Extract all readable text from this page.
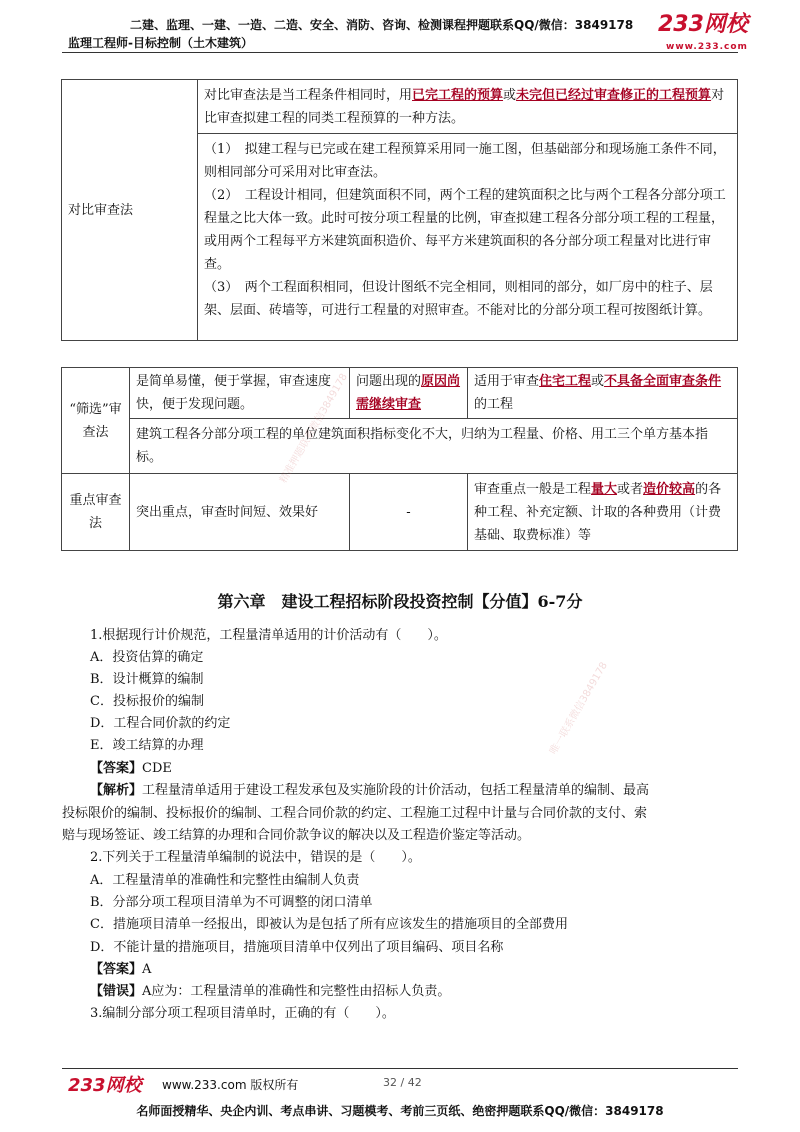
二建、监理、一建、一造、二造、安全、消防、咨询、检测课程押题联系QQ/微信：3849178
监理工程师-目标控制（土木建筑）
233网校
www.233.com
对比审查法	对比审查法是当工程条件相同时，用已完工程的预算或未完但已经过审查修正的工程预算对比审查拟建工程的同类工程预算的一种方法。

（1）　拟建工程与已完或在建工程预算采用同一施工图，但基础部分和现场施工条件不同，则相同部分可采用对比审查法。
（2）　工程设计相同，但建筑面积不同，两个工程的建筑面积之比与两个工程各分部分项工程量之比大体一致。此时可按分项工程量的比例，审查拟建工程各分部分项工程的工程量，或用两个工程每平方米建筑面积造价、每平方米建筑面积的各分部分项工程量对比进行审查。
（3）　两个工程面积相同，但设计图纸不完全相同，则相同的部分，如厂房中的柱子、层架、层面、砖墙等，可进行工程量的对照审查。不能对比的分部分项工程可按图纸计算。
“筛选”审查法	是简单易懂，便于掌握，审查速度快，便于发现问题。	问题出现的原因尚需继续审查	适用于审查住宅工程或不具备全面审查条件的工程
	建筑工程各分部分项工程的单位建筑面积指标变化不大，归纳为工程量、价格、用工三个单方基本指标。		
重点审查法	突出重点，审查时间短、效果好	-	审查重点一般是工程量大或者造价较高的各种工程、补充定额、计取的各种费用（计费基础、取费标准）等
第六章　建设工程招标阶段投资控制【分值】6-7分
1.根据现行计价规范，工程量清单适用的计价活动有（　　）。
A．投资估算的确定
B．设计概算的编制
C．投标报价的编制
D．工程合同价款的约定
E．竣工结算的办理
【答案】CDE
【解析】工程量清单适用于建设工程发承包及实施阶段的计价活动，包括工程量清单的编制、最高
投标限价的编制、投标报价的编制、工程合同价款的约定、工程施工过程中计量与合同价款的支付、索
赔与现场签证、竣工结算的办理和合同价款争议的解决以及工程造价鉴定等活动。
2.下列关于工程量清单编制的说法中，错误的是（　　）。
A．工程量清单的准确性和完整性由编制人负责
B．分部分项工程项目清单为不可调整的闭口清单
C．措施项目清单一经报出，即被认为是包括了所有应该发生的措施项目的全部费用
D．不能计量的措施项目，措施项目清单中仅列出了项目编码、项目名称
【答案】A
【错误】A应为：工程量清单的准确性和完整性由招标人负责。
3.编制分部分项工程项目清单时，正确的有（　　）。
精准押题联系微信3849178
唯一联系微信3849178
233网校 www.233.com 版权所有	32 / 42
名师面授精华、央企内训、考点串讲、习题模考、考前三页纸、绝密押题联系QQ/微信：3849178
